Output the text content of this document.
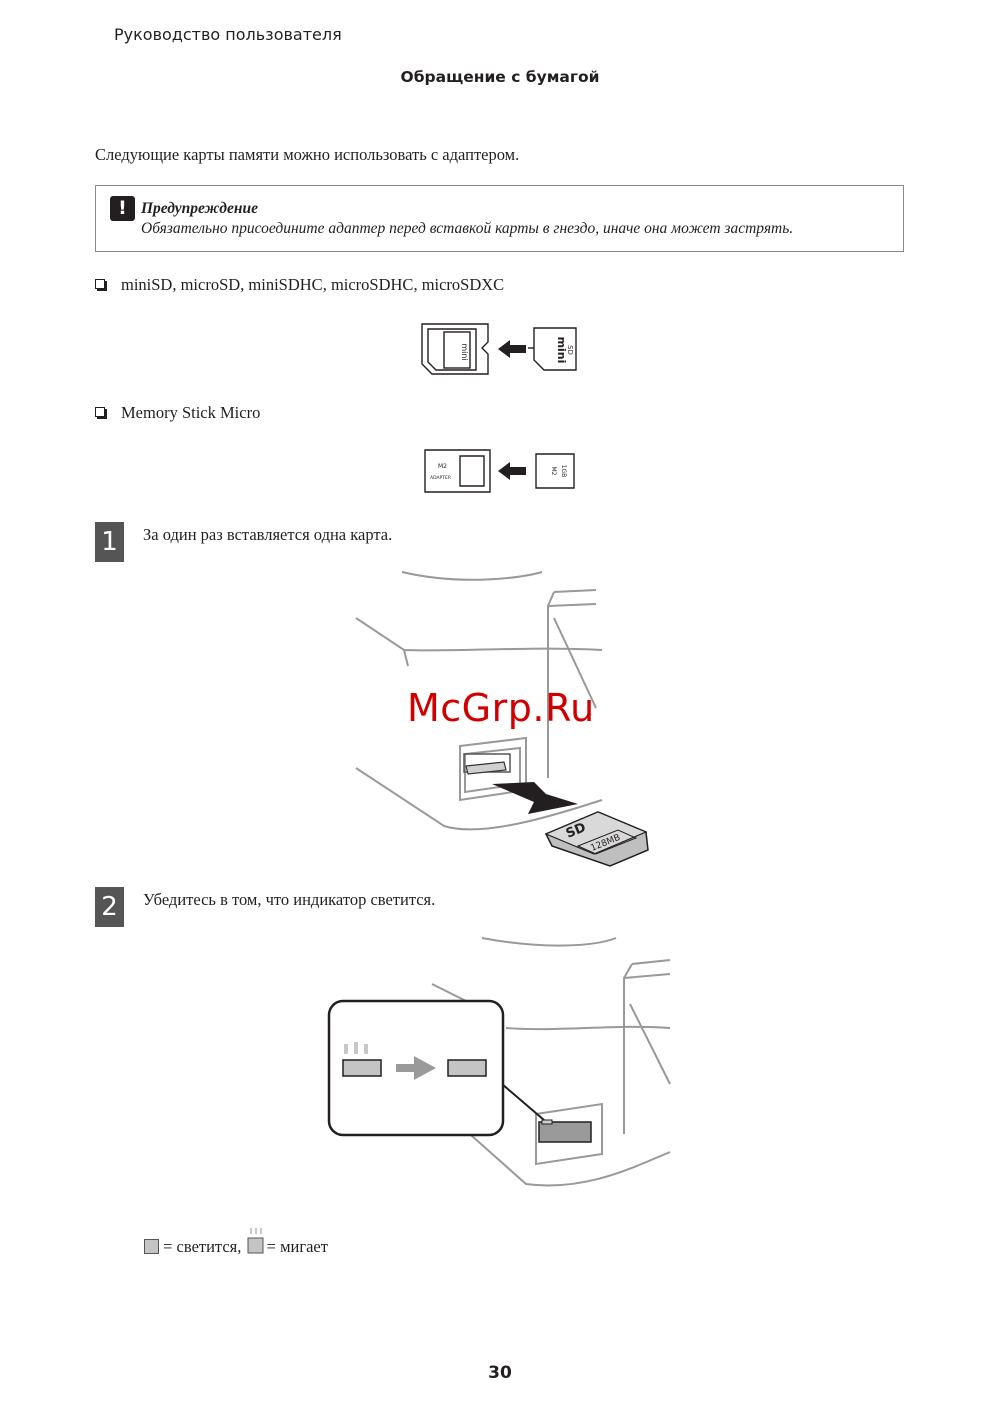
Руководство пользователя
Обращение с бумагой
Следующие карты памяти можно использовать с адаптером.
! Предупреждение
Обязательно присоедините адаптер перед вставкой карты в гнездо, иначе она может застрять.
miniSD, microSD, miniSDHC, microSDHC, microSDXC
mini	mini
SD
Memory Stick Micro
M2
ADAPTER
M2 1GB
1	За один раз вставляется одна карта.
SD
128MB
McGrp.Ru
2	Убедитесь в том, что индикатор светится.
= светится, = мигает
30
